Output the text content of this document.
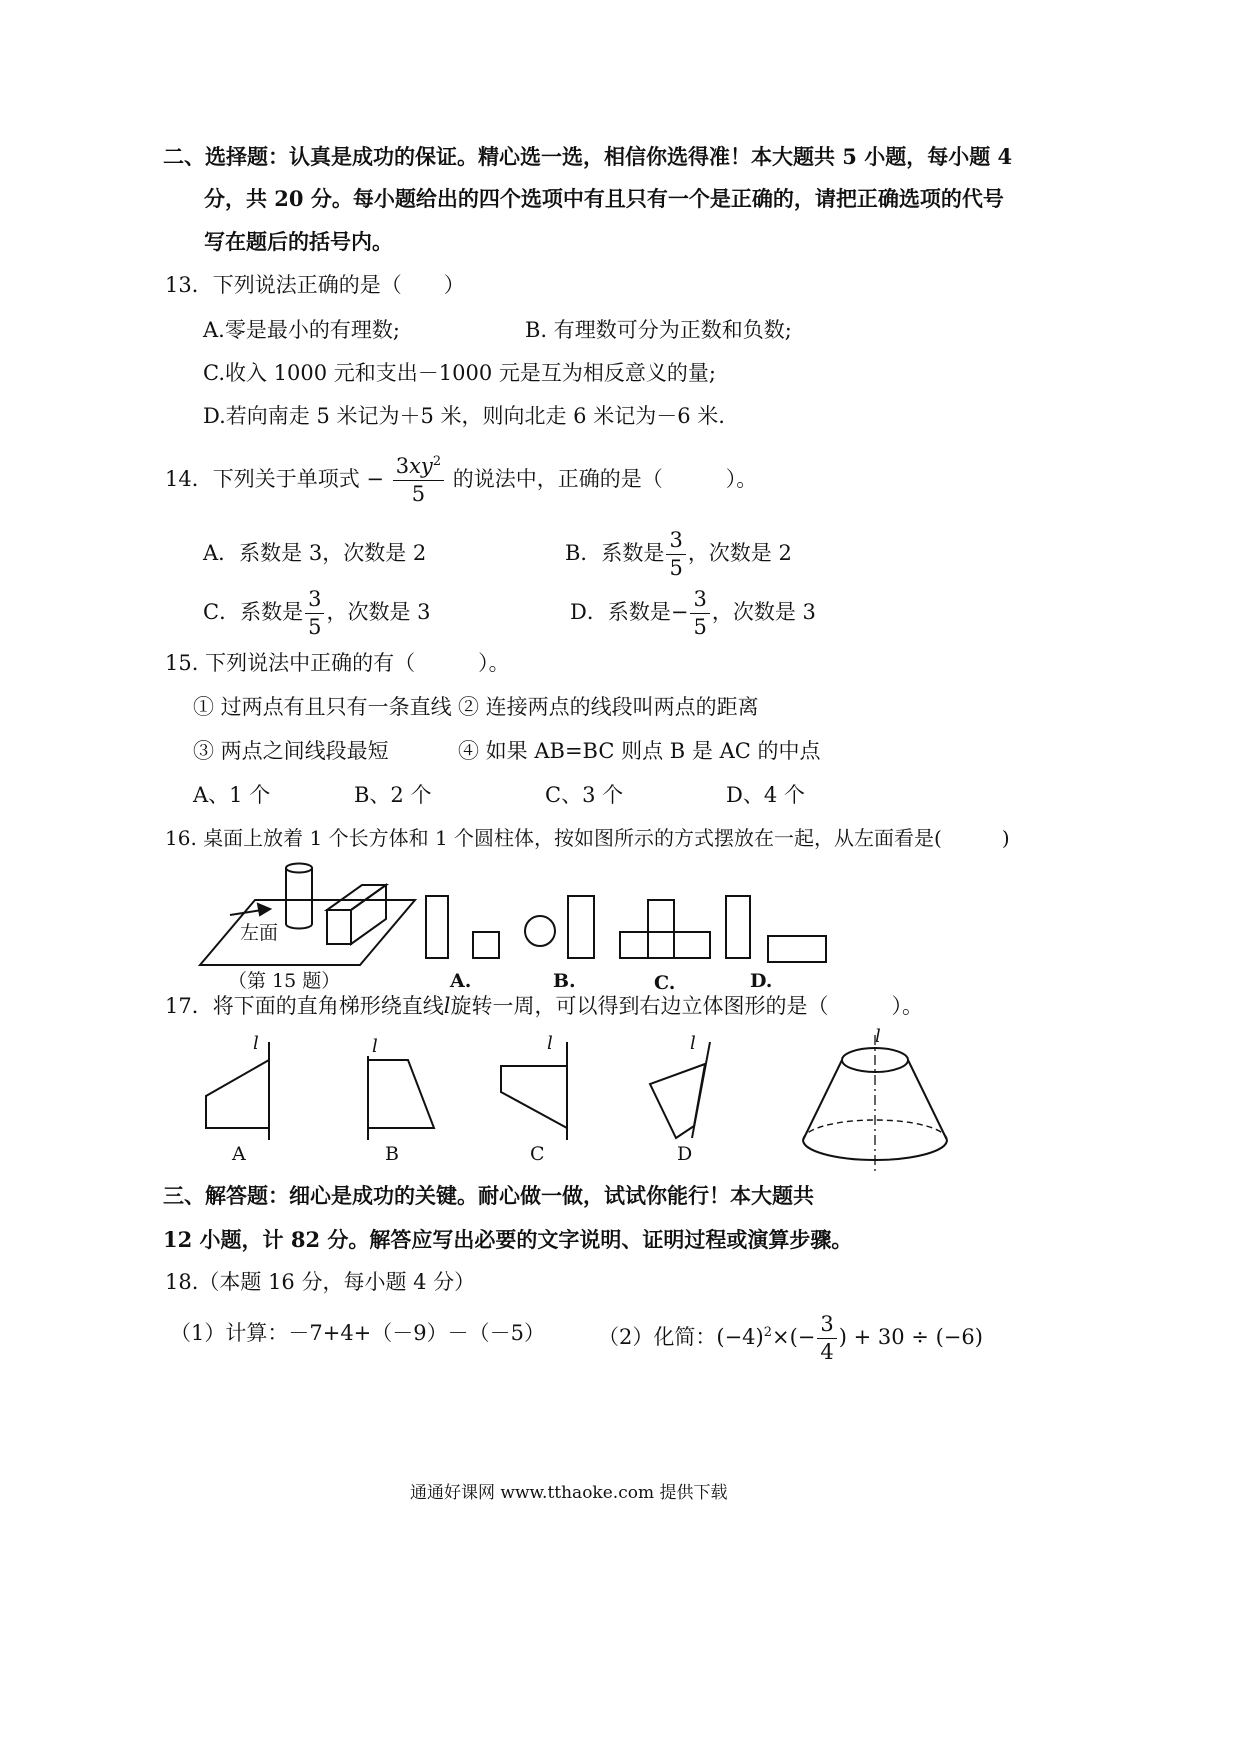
二、选择题：认真是成功的保证。精心选一选，相信你选得准！本大题共 5 小题，每小题 4
分，共 20 分。每小题给出的四个选项中有且只有一个是正确的，请把正确选项的代号
写在题后的括号内。
13．下列说法正确的是（　　）
A.零是最小的有理数;	B. 有理数可分为正数和负数;
C.收入 1000 元和支出－1000 元是互为相反意义的量;
D.若向南走 5 米记为＋5 米，则向北走 6 米记为－6 米.
14．下列关于单项式 − $\frac{3xy^2}{5}$ 的说法中，正确的是（　　　）。
A．系数是 3，次数是 2	B．系数是 $\frac{3}{5}$ ，次数是 2
C．系数是 $\frac{3}{5}$ ，次数是 3	D．系数是− $\frac{3}{5}$ ，次数是 3
15. 下列说法中正确的有（　　　）。
① 过两点有且只有一条直线 ② 连接两点的线段叫两点的距离
③ 两点之间线段最短	④ 如果 AB=BC 则点 B 是 AC 的中点
A、1 个	B、2 个	C、3 个	D、4 个
16. 桌面上放着 1 个长方体和 1 个圆柱体，按如图所示的方式摆放在一起，从左面看是(　　　)
左面
（第 15 题）	A.	B.	C.	D.
17．将下面的直角梯形绕直线l旋转一周，可以得到右边立体图形的是（　　　）。
l	l	l	l	l
A	B	C	D
三、解答题：细心是成功的关键。耐心做一做，试试你能行！本大题共
12 小题，计 82 分。解答应写出必要的文字说明、证明过程或演算步骤。
18.（本题 16 分，每小题 4 分）
（1）计算：－7+4+（－9）－（－5）	（2）化简：$(-4)^2\times(- \frac{3}{4}$ ) + 30 ÷ (−6)
通通好课网 www.tthaoke.com 提供下载
